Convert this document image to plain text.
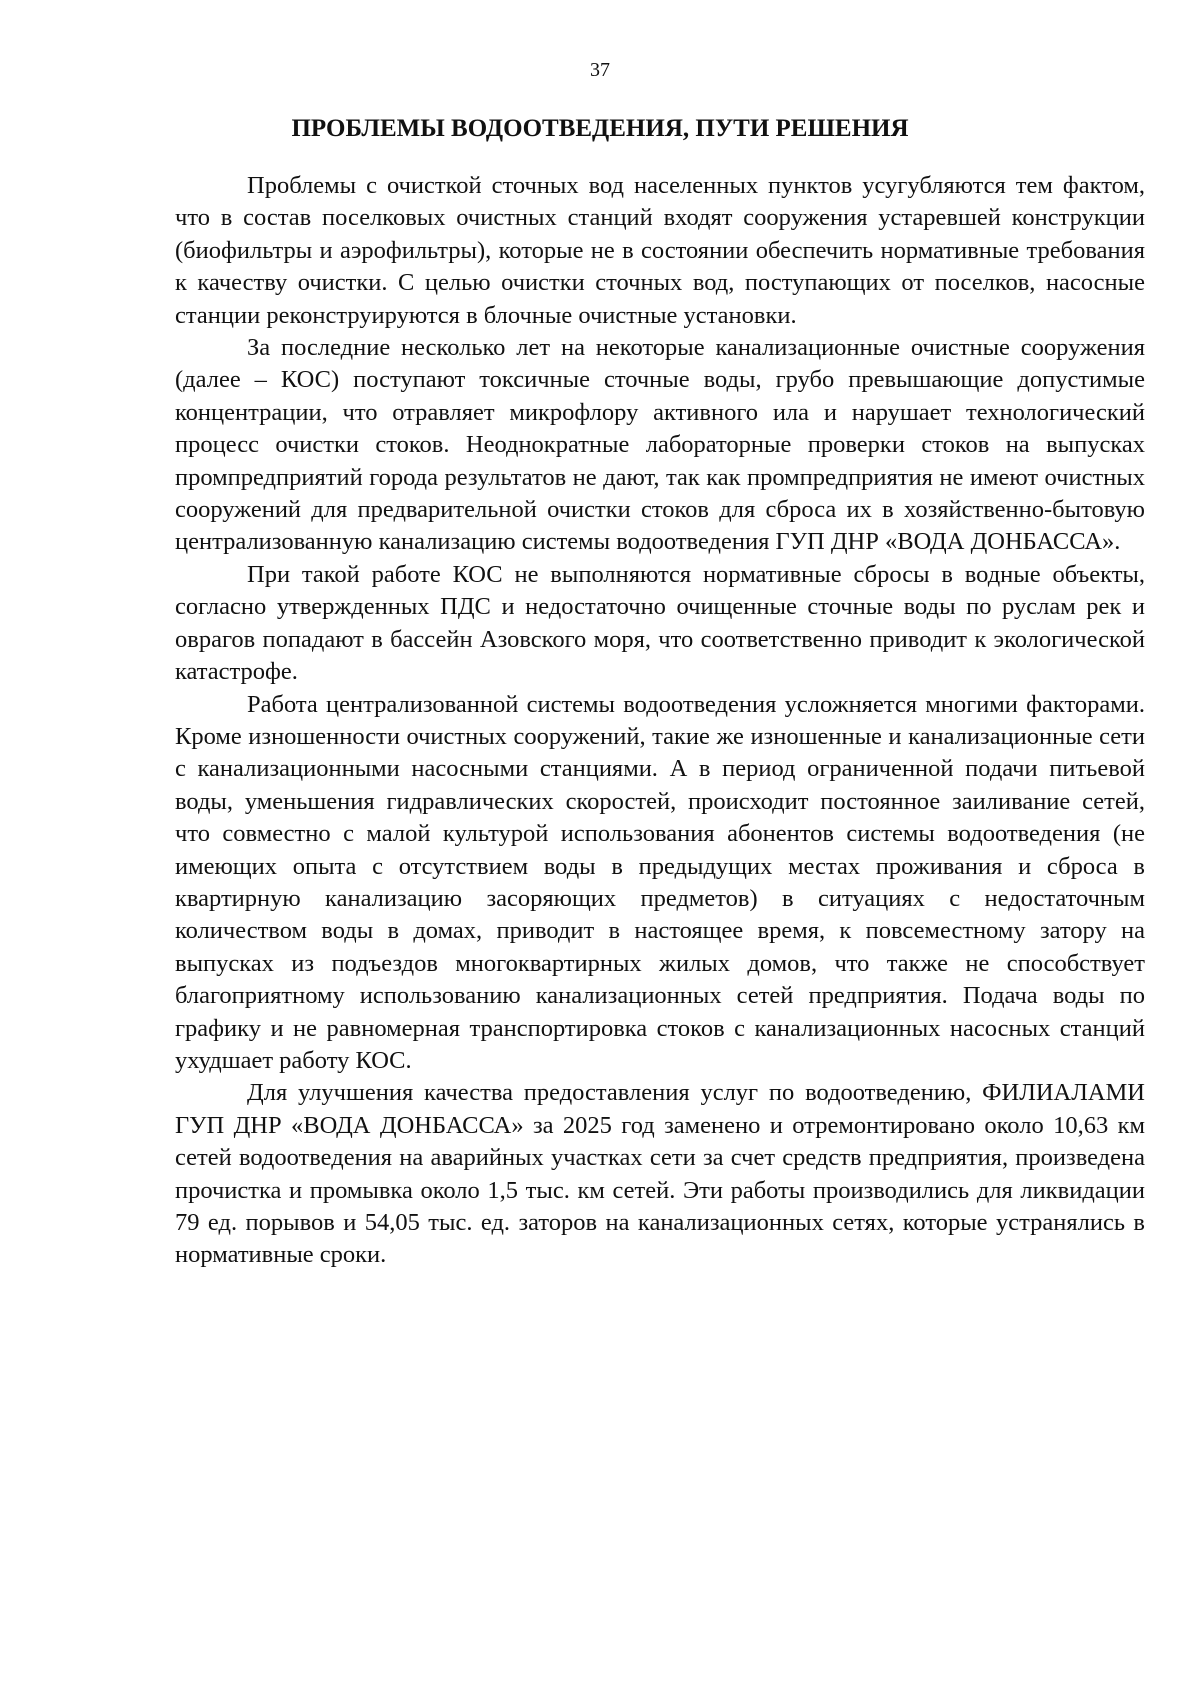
37
ПРОБЛЕМЫ ВОДООТВЕДЕНИЯ, ПУТИ РЕШЕНИЯ

Проблемы с очисткой сточных вод населенных пунктов усугубляются тем фактом, что в состав поселковых очистных станций входят сооружения устаревшей конструкции (биофильтры и аэрофильтры), которые не в состоянии обеспечить нормативные требования к качеству очистки. С целью очистки сточных вод, поступающих от поселков, насосные станции реконструируются в блочные очистные установки.

За последние несколько лет на некоторые канализационные очистные сооружения (далее – КОС) поступают токсичные сточные воды, грубо превышающие допустимые концентрации, что отравляет микрофлору активного ила и нарушает технологический процесс очистки стоков. Неоднократные лабораторные проверки стоков на выпусках промпредприятий города результатов не дают, так как промпредприятия не имеют очистных сооружений для предварительной очистки стоков для сброса их в хозяйственно-бытовую централизованную канализацию системы водоотведения ГУП ДНР «ВОДА ДОНБАССА».

При такой работе КОС не выполняются нормативные сбросы в водные объекты, согласно утвержденных ПДС и недостаточно очищенные сточные воды по руслам рек и оврагов попадают в бассейн Азовского моря, что соответственно приводит к экологической катастрофе.

Работа централизованной системы водоотведения усложняется многими факторами. Кроме изношенности очистных сооружений, такие же изношенные и канализационные сети с канализационными насосными станциями. А в период ограниченной подачи питьевой воды, уменьшения гидравлических скоростей, происходит постоянное заиливание сетей, что совместно с малой культурой использования абонентов системы водоотведения (не имеющих опыта с отсутствием воды в предыдущих местах проживания и сброса в квартирную канализацию засоряющих предметов) в ситуациях с недостаточным количеством воды в домах, приводит в настоящее время, к повсеместному затору на выпусках из подъездов многоквартирных жилых домов, что также не способствует благоприятному использованию канализационных сетей предприятия. Подача воды по графику и не равномерная транспортировка стоков с канализационных насосных станций ухудшает работу КОС.

Для улучшения качества предоставления услуг по водоотведению, ФИЛИАЛАМИ ГУП ДНР «ВОДА ДОНБАССА» за 2025 год заменено и отремонтировано около 10,63 км сетей водоотведения на аварийных участках сети за счет средств предприятия, произведена прочистка и промывка около 1,5 тыс. км сетей. Эти работы производились для ликвидации 79 ед. порывов и 54,05 тыс. ед. заторов на канализационных сетях, которые устранялись в нормативные сроки.
